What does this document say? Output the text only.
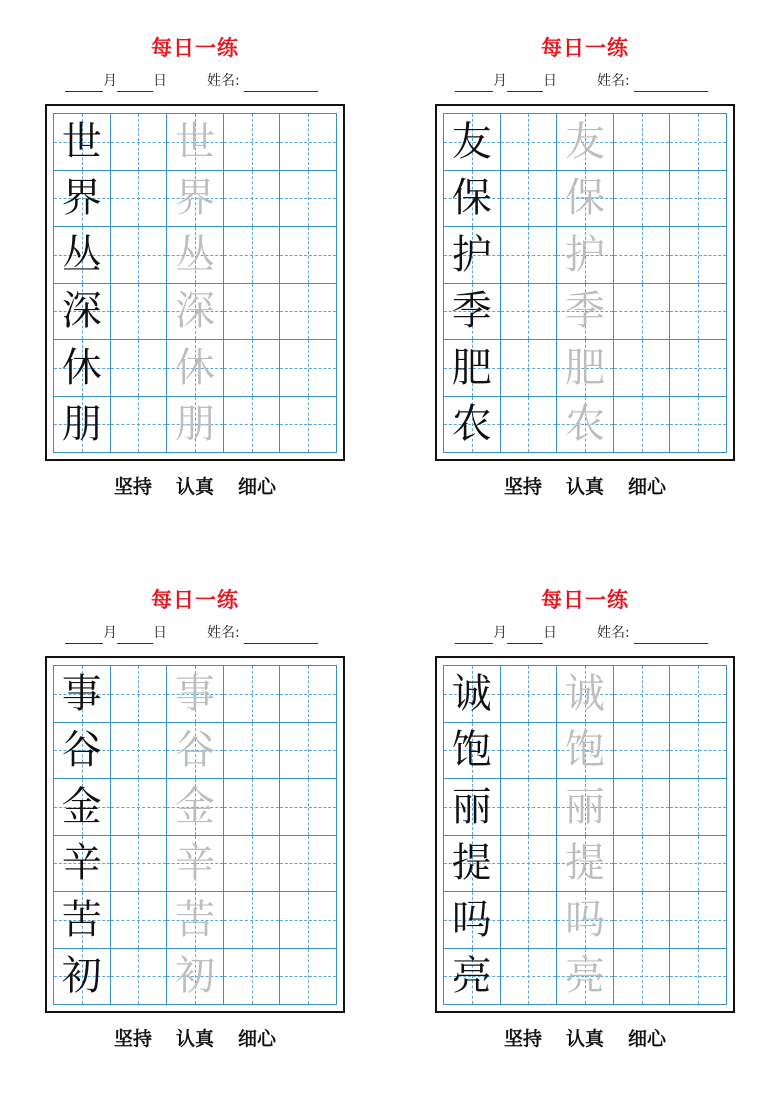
每日一练
月	日	姓名:
世 世
界 界
丛 丛
深 深
休 休
朋 朋
坚持 认真 细心
每日一练
月	日	姓名:
友 友
保 保
护 护
季 季
肥 肥
农 农
坚持 认真 细心
每日一练
月	日	姓名:
事 事
谷 谷
金 金
辛 辛
苦 苦
初 初
坚持 认真 细心
每日一练
月	日	姓名:
诚 诚
饱 饱
丽 丽
提 提
吗 吗
亮 亮
坚持 认真 细心
